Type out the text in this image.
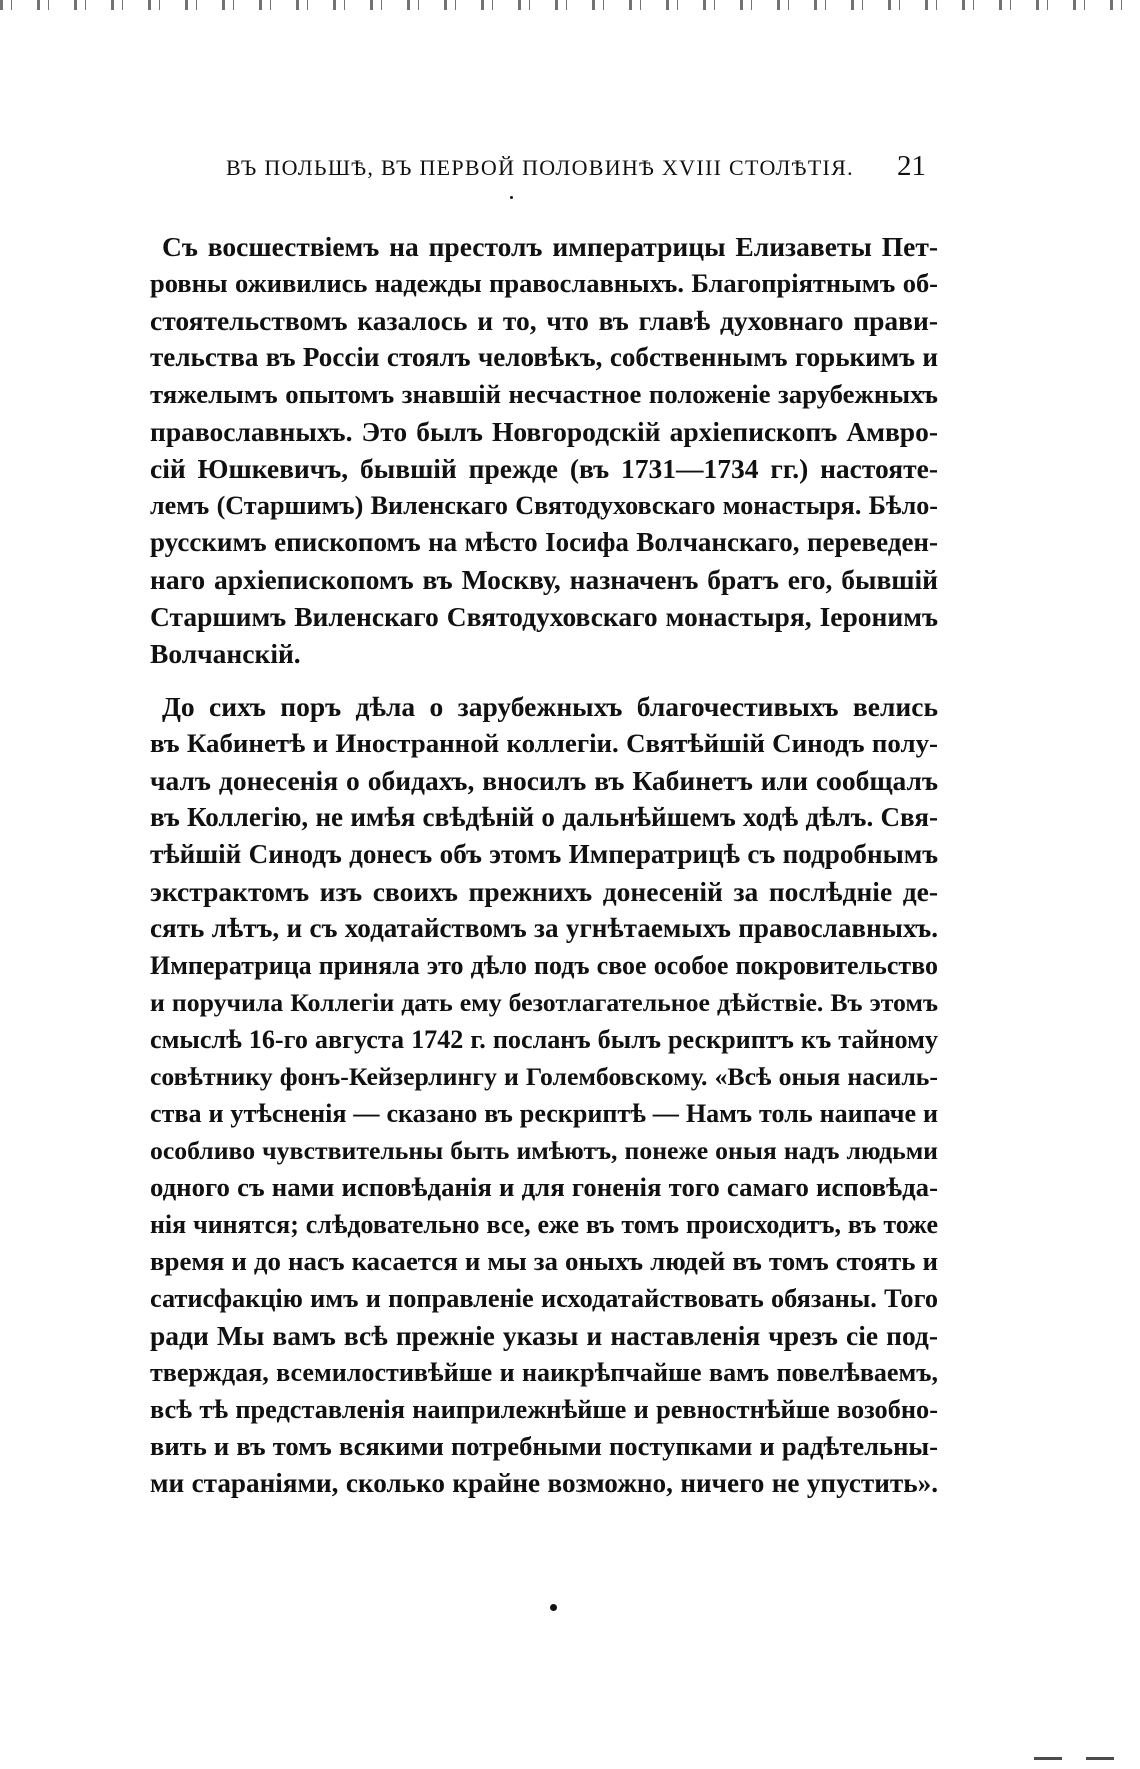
ВЪ ПОЛЬШѢ, ВЪ ПЕРВОЙ ПОЛОВИНѢ XVIII СТОЛѢТІЯ. 21
Съ восшествіемъ на престолъ императрицы Елизаветы Пет-
ровны оживились надежды православныхъ. Благопріятнымъ об-
стоятельствомъ казалось и то, что въ главѣ духовнаго прави-
тельства въ Россіи стоялъ человѣкъ, собственнымъ горькимъ и
тяжелымъ опытомъ знавшій несчастное положеніе зарубежныхъ
православныхъ. Это былъ Новгородскій архіепископъ Амвро-
сій Юшкевичъ, бывшій прежде (въ 1731—1734 гг.) настояте-
лемъ (Старшимъ) Виленскаго Святодуховскаго монастыря. Бѣло-
русскимъ епископомъ на мѣсто Іосифа Волчанскаго, переведен-
наго архіепископомъ въ Москву, назначенъ братъ его, бывшій
Старшимъ Виленскаго Святодуховскаго монастыря, Іеронимъ
Волчанскій.
До сихъ поръ дѣла о зарубежныхъ благочестивыхъ велись
въ Кабинетѣ и Иностранной коллегіи. Святѣйшій Синодъ полу-
чалъ донесенія о обидахъ, вносилъ въ Кабинетъ или сообщалъ
въ Коллегію, не имѣя свѣдѣній о дальнѣйшемъ ходѣ дѣлъ. Свя-
тѣйшій Синодъ донесъ объ этомъ Императрицѣ съ подробнымъ
экстрактомъ изъ своихъ прежнихъ донесеній за послѣдніе де-
сять лѣтъ, и съ ходатайствомъ за угнѣтаемыхъ православныхъ.
Императрица приняла это дѣло подъ свое особое покровительство
и поручила Коллегіи дать ему безотлагательное дѣйствіе. Въ этомъ
смыслѣ 16-го августа 1742 г. посланъ былъ рескриптъ къ тайному
совѣтнику фонъ-Кейзерлингу и Голембовскому. «Всѣ оныя насиль-
ства и утѣсненія — сказано въ рескриптѣ — Намъ толь наипаче и
особливо чувствительны быть имѣютъ, понеже оныя надъ людьми
одного съ нами исповѣданія и для гоненія того самаго исповѣда-
нія чинятся; слѣдовательно все, еже въ томъ происходитъ, въ тоже
время и до насъ касается и мы за оныхъ людей въ томъ стоять и
сатисфакцію имъ и поправленіе исходатайствовать обязаны. Того
ради Мы вамъ всѣ прежніе указы и наставленія чрезъ сіе под-
тверждая, всемилостивѣйше и наикрѣпчайше вамъ повелѣваемъ,
всѣ тѣ представленія наиприлежнѣйше и ревностнѣйше возобно-
вить и въ томъ всякими потребными поступками и радѣтельны-
ми стараніями, сколько крайне возможно, ничего не упустить».
